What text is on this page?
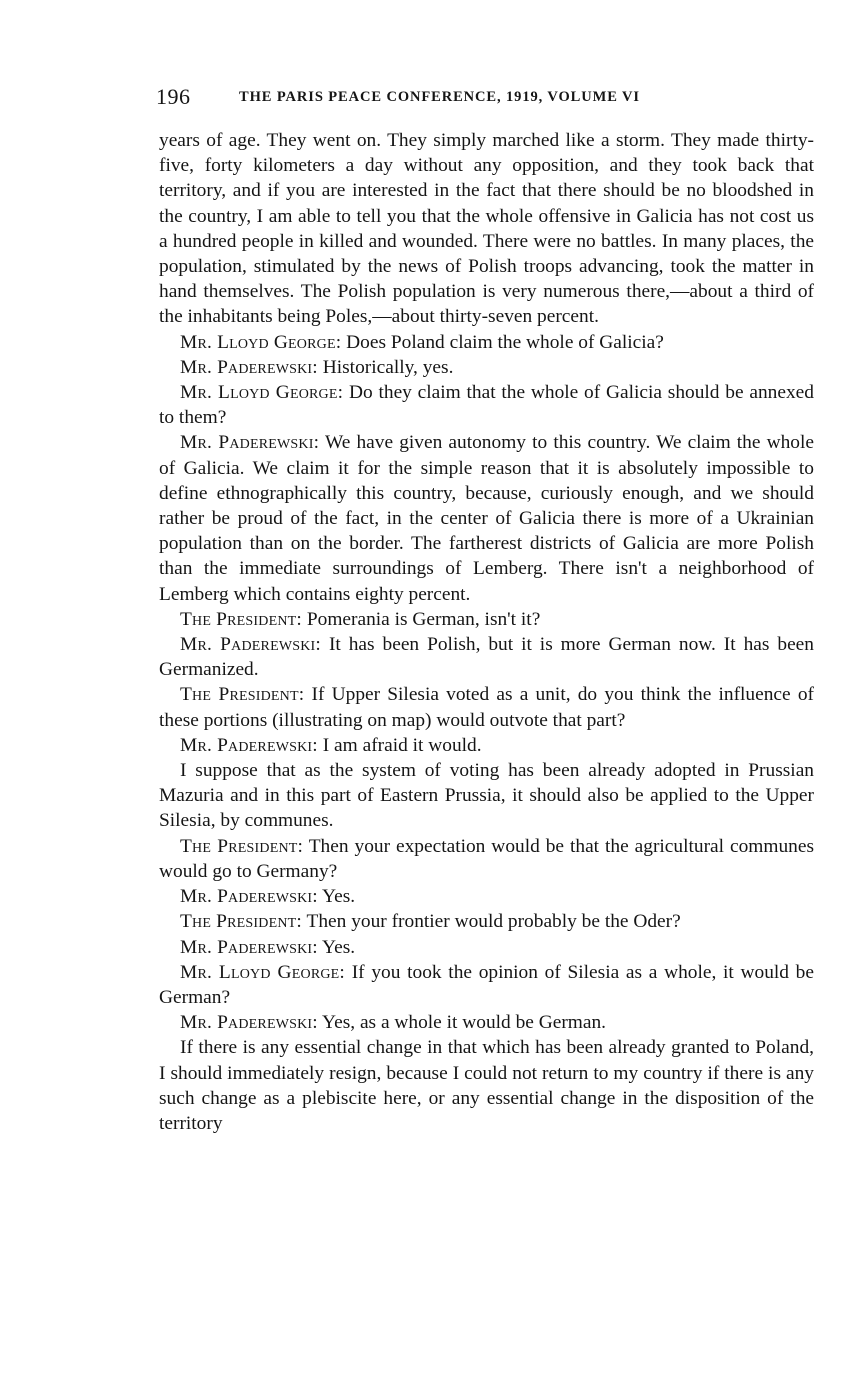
196	THE PARIS PEACE CONFERENCE, 1919, VOLUME VI

years of age. They went on. They simply marched like a storm. They made thirty-five, forty kilometers a day without any opposition, and they took back that territory, and if you are interested in the fact that there should be no bloodshed in the country, I am able to tell you that the whole offensive in Galicia has not cost us a hundred people in killed and wounded. There were no battles. In many places, the population, stimulated by the news of Polish troops advancing, took the matter in hand themselves. The Polish population is very numerous there,—about a third of the inhabitants being Poles,—about thirty-seven percent.

Mr. Lloyd George: Does Poland claim the whole of Galicia?

Mr. Paderewski: Historically, yes.

Mr. Lloyd George: Do they claim that the whole of Galicia should be annexed to them?

Mr. Paderewski: We have given autonomy to this country. We claim the whole of Galicia. We claim it for the simple reason that it is absolutely impossible to define ethnographically this country, because, curiously enough, and we should rather be proud of the fact, in the center of Galicia there is more of a Ukrainian population than on the border. The fartherest districts of Galicia are more Polish than the immediate surroundings of Lemberg. There isn't a neighborhood of Lemberg which contains eighty percent.

The President: Pomerania is German, isn't it?

Mr. Paderewski: It has been Polish, but it is more German now. It has been Germanized.

The President: If Upper Silesia voted as a unit, do you think the influence of these portions (illustrating on map) would outvote that part?

Mr. Paderewski: I am afraid it would.

I suppose that as the system of voting has been already adopted in Prussian Mazuria and in this part of Eastern Prussia, it should also be applied to the Upper Silesia, by communes.

The President: Then your expectation would be that the agricultural communes would go to Germany?

Mr. Paderewski: Yes.

The President: Then your frontier would probably be the Oder?

Mr. Paderewski: Yes.

Mr. Lloyd George: If you took the opinion of Silesia as a whole, it would be German?

Mr. Paderewski: Yes, as a whole it would be German.

If there is any essential change in that which has been already granted to Poland, I should immediately resign, because I could not return to my country if there is any such change as a plebiscite here, or any essential change in the disposition of the territory
